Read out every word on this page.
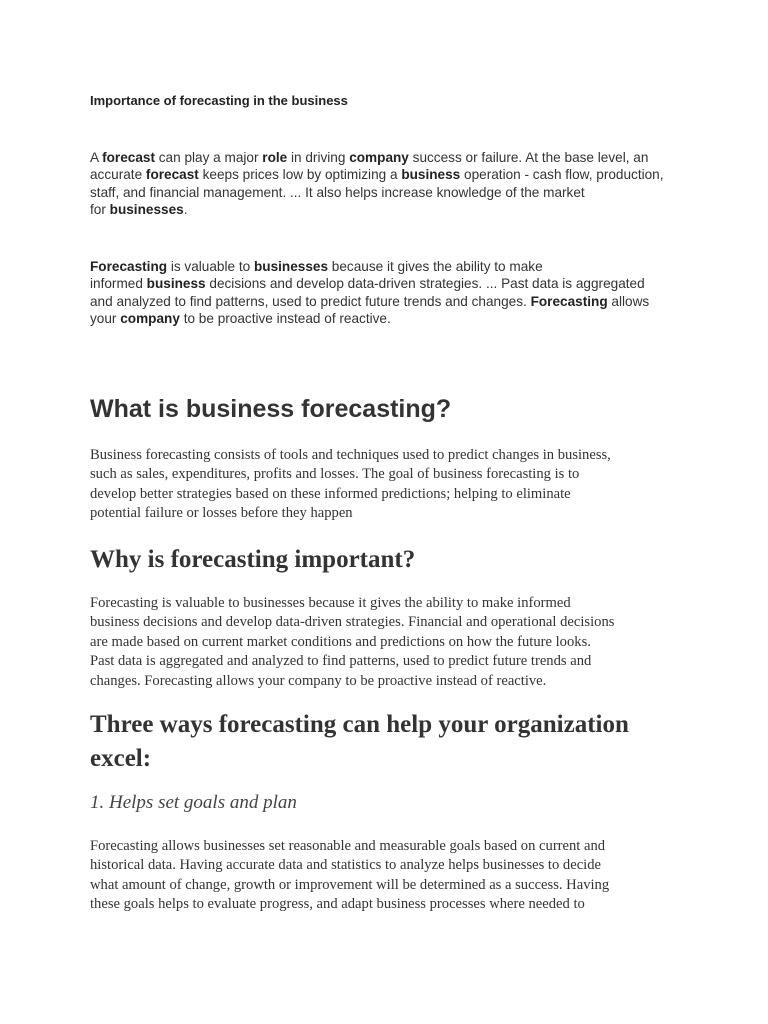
Importance of forecasting in the business
A forecast can play a major role in driving company success or failure. At the base level, an
accurate forecast keeps prices low by optimizing a business operation - cash flow, production,
staff, and financial management. ... It also helps increase knowledge of the market
for businesses.
Forecasting is valuable to businesses because it gives the ability to make
informed business decisions and develop data-driven strategies. ... Past data is aggregated
and analyzed to find patterns, used to predict future trends and changes. Forecasting allows
your company to be proactive instead of reactive.
What is business forecasting?
Business forecasting consists of tools and techniques used to predict changes in business,
such as sales, expenditures, profits and losses. The goal of business forecasting is to
develop better strategies based on these informed predictions; helping to eliminate
potential failure or losses before they happen
Why is forecasting important?
Forecasting is valuable to businesses because it gives the ability to make informed
business decisions and develop data-driven strategies. Financial and operational decisions
are made based on current market conditions and predictions on how the future looks.
Past data is aggregated and analyzed to find patterns, used to predict future trends and
changes. Forecasting allows your company to be proactive instead of reactive.
Three ways forecasting can help your organization
excel:
1. Helps set goals and plan
Forecasting allows businesses set reasonable and measurable goals based on current and
historical data. Having accurate data and statistics to analyze helps businesses to decide
what amount of change, growth or improvement will be determined as a success. Having
these goals helps to evaluate progress, and adapt business processes where needed to
